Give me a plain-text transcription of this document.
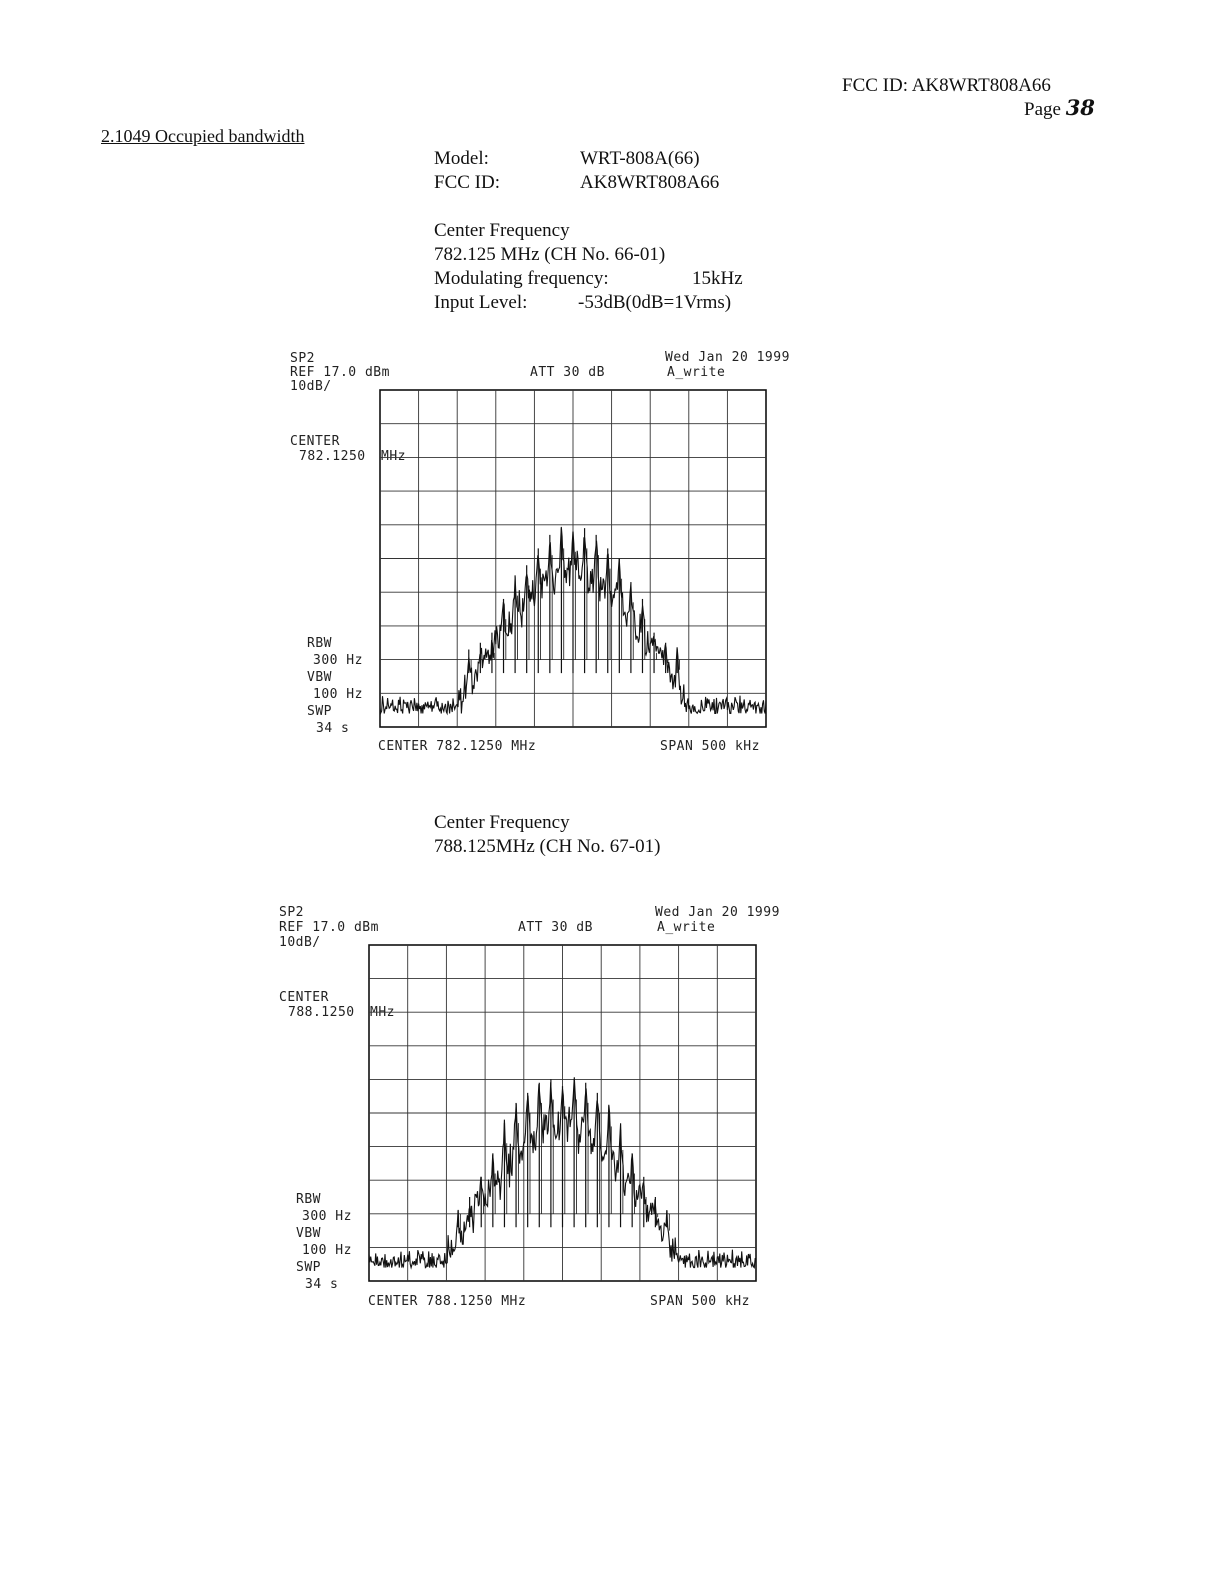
FCC ID: AK8WRT808A66
Page 38
2.1049 Occupied bandwidth
Model:	WRT-808A(66)
FCC ID:	AK8WRT808A66
Center Frequency
782.125 MHz (CH No. 66-01)
Modulating frequency:	15kHz
Input Level:	-53dB(0dB=1Vrms)
SP2
REF 17.0 dBm
10dB/
ATT 30 dB
Wed Jan 20 1999
A_write
CENTER
782.1250 MHz
RBW
300 Hz
VBW
100 Hz
SWP
34 s
CENTER 782.1250 MHz	SPAN 500 kHz
Center Frequency
788.125MHz (CH No. 67-01)
SP2
REF 17.0 dBm
10dB/
ATT 30 dB
Wed Jan 20 1999
A_write
CENTER
788.1250 MHz
RBW
300 Hz
VBW
100 Hz
SWP
34 s
CENTER 788.1250 MHz	SPAN 500 kHz
